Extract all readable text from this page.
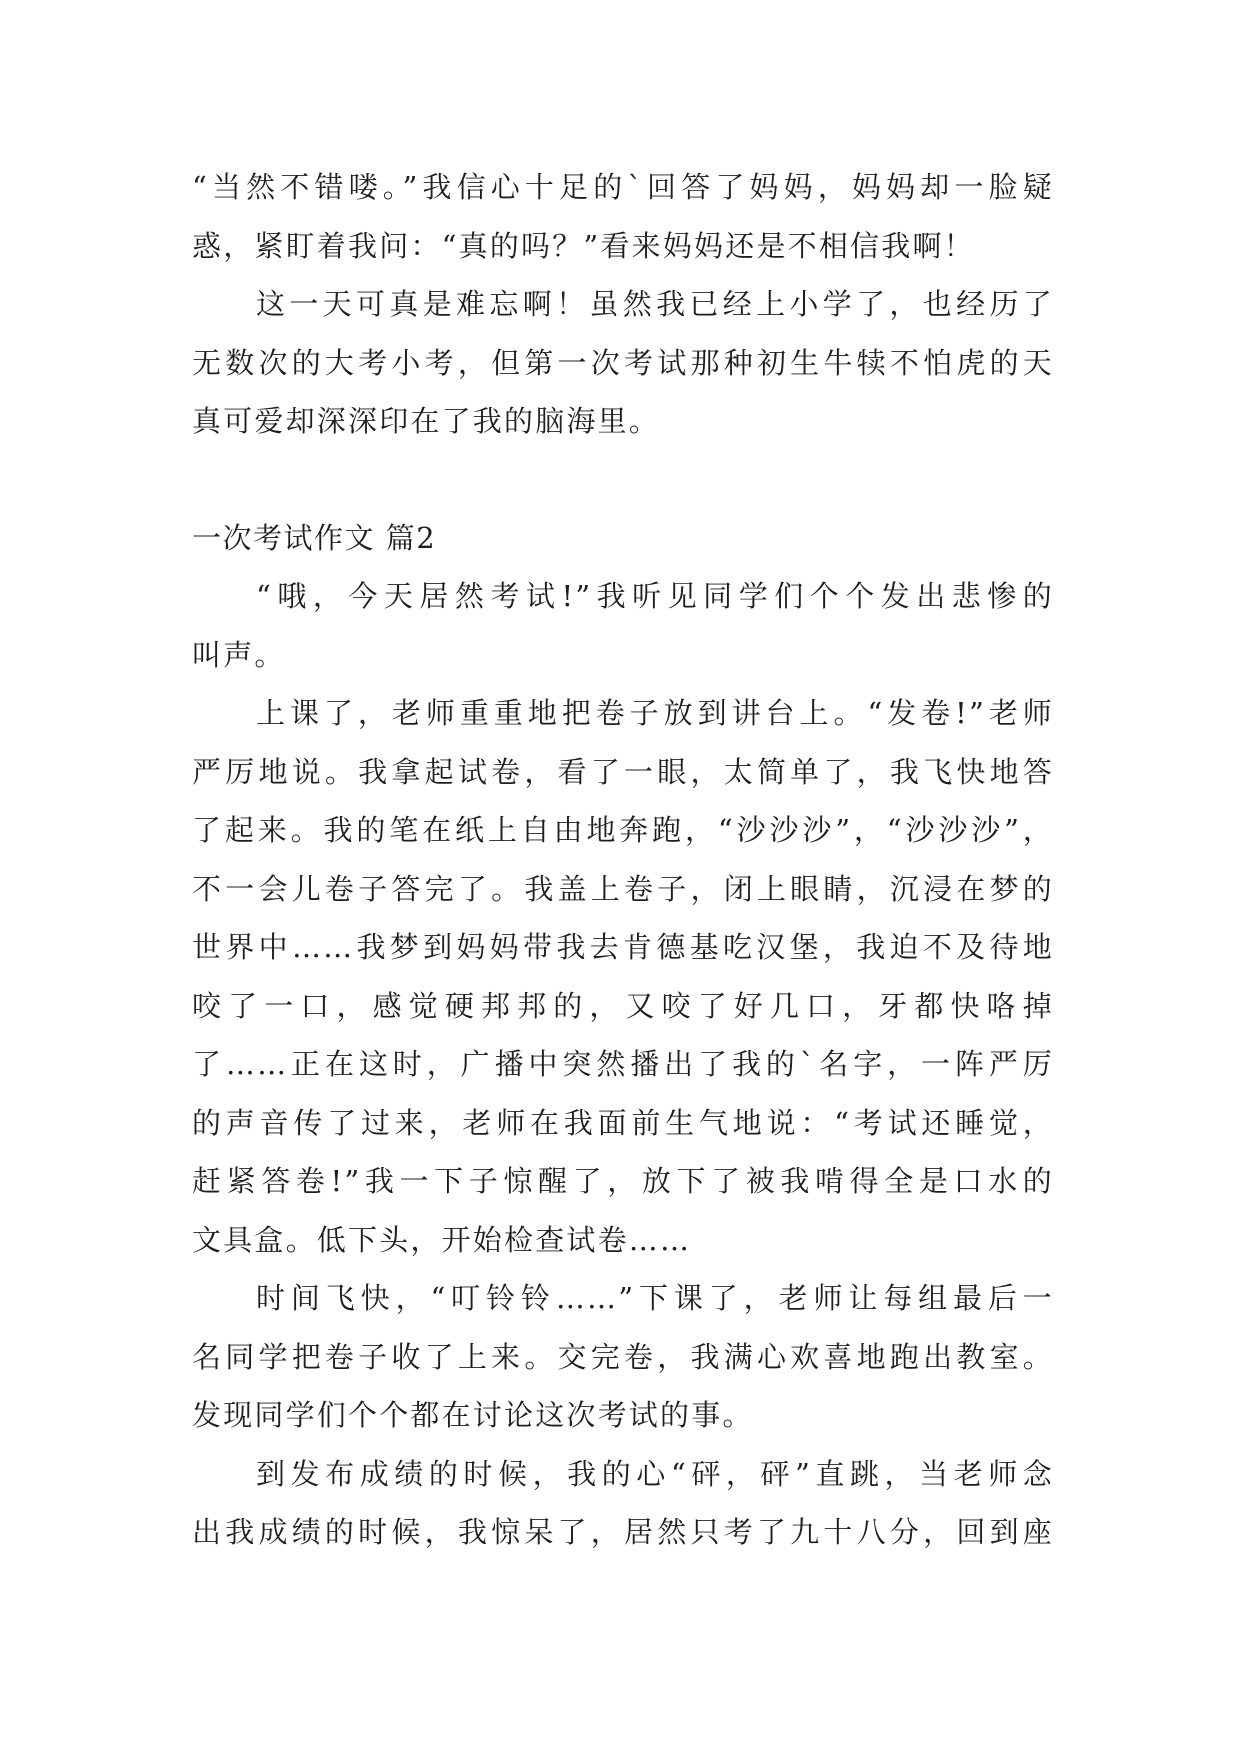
“当然不错喽。”我信心十足的`回答了妈妈，妈妈却一脸疑
惑，紧盯着我问：“真的吗？”看来妈妈还是不相信我啊！

这一天可真是难忘啊！虽然我已经上小学了，也经历了
无数次的大考小考，但第一次考试那种初生牛犊不怕虎的天
真可爱却深深印在了我的脑海里。

一次考试作文 篇2

“哦，今天居然考试!”我听见同学们个个发出悲惨的
叫声。

上课了，老师重重地把卷子放到讲台上。“发卷!”老师
严厉地说。我拿起试卷，看了一眼，太简单了，我飞快地答
了起来。我的笔在纸上自由地奔跑，“沙沙沙”，“沙沙沙”，
不一会儿卷子答完了。我盖上卷子，闭上眼睛，沉浸在梦的
世界中……我梦到妈妈带我去肯德基吃汉堡，我迫不及待地
咬了一口，感觉硬邦邦的，又咬了好几口，牙都快咯掉
了……正在这时，广播中突然播出了我的`名字，一阵严厉
的声音传了过来，老师在我面前生气地说：“考试还睡觉，
赶紧答卷!”我一下子惊醒了，放下了被我啃得全是口水的
文具盒。低下头，开始检查试卷……

时间飞快，“叮铃铃……”下课了，老师让每组最后一
名同学把卷子收了上来。交完卷，我满心欢喜地跑出教室。
发现同学们个个都在讨论这次考试的事。

到发布成绩的时候，我的心“砰，砰”直跳，当老师念
出我成绩的时候，我惊呆了，居然只考了九十八分，回到座
